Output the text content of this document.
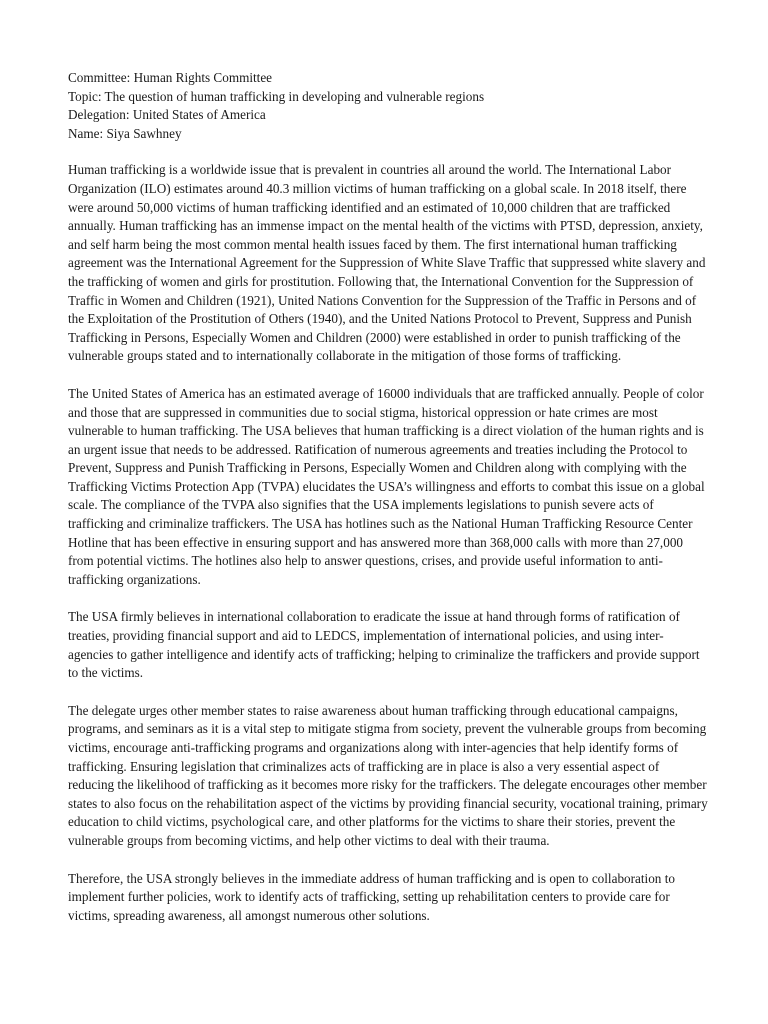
Committee: Human Rights Committee
Topic: The question of human trafficking in developing and vulnerable regions
Delegation: United States of America
Name: Siya Sawhney

Human trafficking is a worldwide issue that is prevalent in countries all around the world. The International Labor Organization (ILO) estimates around 40.3 million victims of human trafficking on a global scale. In 2018 itself, there were around 50,000 victims of human trafficking identified and an estimated of 10,000 children that are trafficked annually. Human trafficking has an immense impact on the mental health of the victims with PTSD, depression, anxiety, and self harm being the most common mental health issues faced by them. The first international human trafficking agreement was the International Agreement for the Suppression of White Slave Traffic that suppressed white slavery and the trafficking of women and girls for prostitution. Following that, the International Convention for the Suppression of Traffic in Women and Children (1921), United Nations Convention for the Suppression of the Traffic in Persons and of the Exploitation of the Prostitution of Others (1940), and the United Nations Protocol to Prevent, Suppress and Punish Trafficking in Persons, Especially Women and Children (2000) were established in order to punish trafficking of the vulnerable groups stated and to internationally collaborate in the mitigation of those forms of trafficking.

The United States of America has an estimated average of 16000 individuals that are trafficked annually. People of color and those that are suppressed in communities due to social stigma, historical oppression or hate crimes are most vulnerable to human trafficking. The USA believes that human trafficking is a direct violation of the human rights and is an urgent issue that needs to be addressed. Ratification of numerous agreements and treaties including the Protocol to Prevent, Suppress and Punish Trafficking in Persons, Especially Women and Children along with complying with the Trafficking Victims Protection App (TVPA) elucidates the USA’s willingness and efforts to combat this issue on a global scale. The compliance of the TVPA also signifies that the USA implements legislations to punish severe acts of trafficking and criminalize traffickers. The USA has hotlines such as the National Human Trafficking Resource Center Hotline that has been effective in ensuring support and has answered more than 368,000 calls with more than 27,000 from potential victims. The hotlines also help to answer questions, crises, and provide useful information to anti-trafficking organizations.

The USA firmly believes in international collaboration to eradicate the issue at hand through forms of ratification of treaties, providing financial support and aid to LEDCS, implementation of international policies, and using inter-agencies to gather intelligence and identify acts of trafficking; helping to criminalize the traffickers and provide support to the victims.

The delegate urges other member states to raise awareness about human trafficking through educational campaigns, programs, and seminars as it is a vital step to mitigate stigma from society, prevent the vulnerable groups from becoming victims, encourage anti-trafficking programs and organizations along with inter-agencies that help identify forms of trafficking. Ensuring legislation that criminalizes acts of trafficking are in place is also a very essential aspect of reducing the likelihood of trafficking as it becomes more risky for the traffickers. The delegate encourages other member states to also focus on the rehabilitation aspect of the victims by providing financial security, vocational training, primary education to child victims, psychological care, and other platforms for the victims to share their stories, prevent the vulnerable groups from becoming victims, and help other victims to deal with their trauma.

Therefore, the USA strongly believes in the immediate address of human trafficking and is open to collaboration to implement further policies, work to identify acts of trafficking, setting up rehabilitation centers to provide care for victims, spreading awareness, all amongst numerous other solutions.
